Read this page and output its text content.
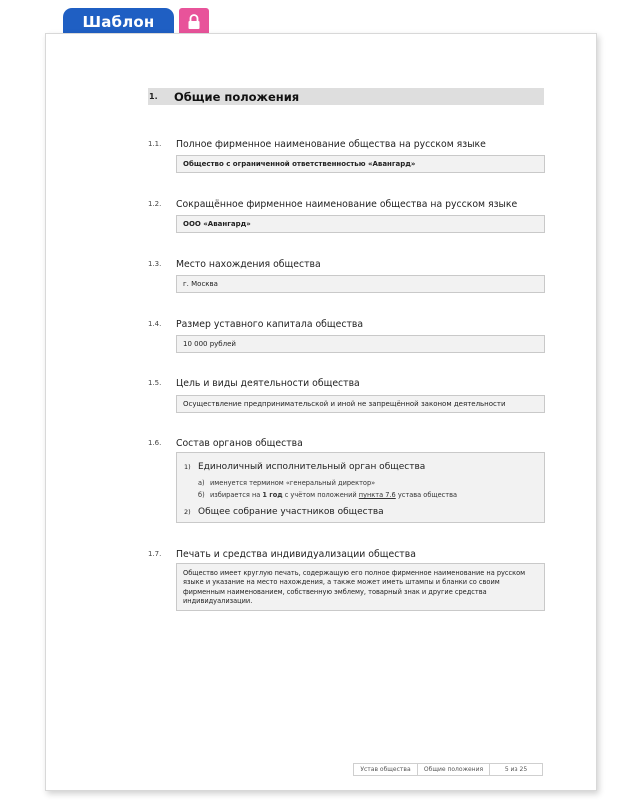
Шаблон
1.	Общие положения
1.1. Полное фирменное наименование общества на русском языке
Общество с ограниченной ответственностью «Авангард»
1.2. Сокращённое фирменное наименование общества на русском языке
ООО «Авангард»
1.3. Место нахождения общества
г. Москва
1.4. Размер уставного капитала общества
10 000 рублей
1.5. Цель и виды деятельности общества
Осуществление предпринимательской и иной не запрещённой законом деятельности
1.6. Состав органов общества
1) Единоличный исполнительный орган общества
а) именуется термином «генеральный директор»
б) избирается на 1 год с учётом положений пункта 7.6 устава общества
2) Общее собрание участников общества
1.7. Печать и средства индивидуализации общества
Общество имеет круглую печать, содержащую его полное фирменное наименование на русском языке и указание на место нахождения, а также может иметь штампы и бланки со своим фирменным наименованием, собственную эмблему, товарный знак и другие средства индивидуализации.
Устав общества	Общие положения	5 из 25
